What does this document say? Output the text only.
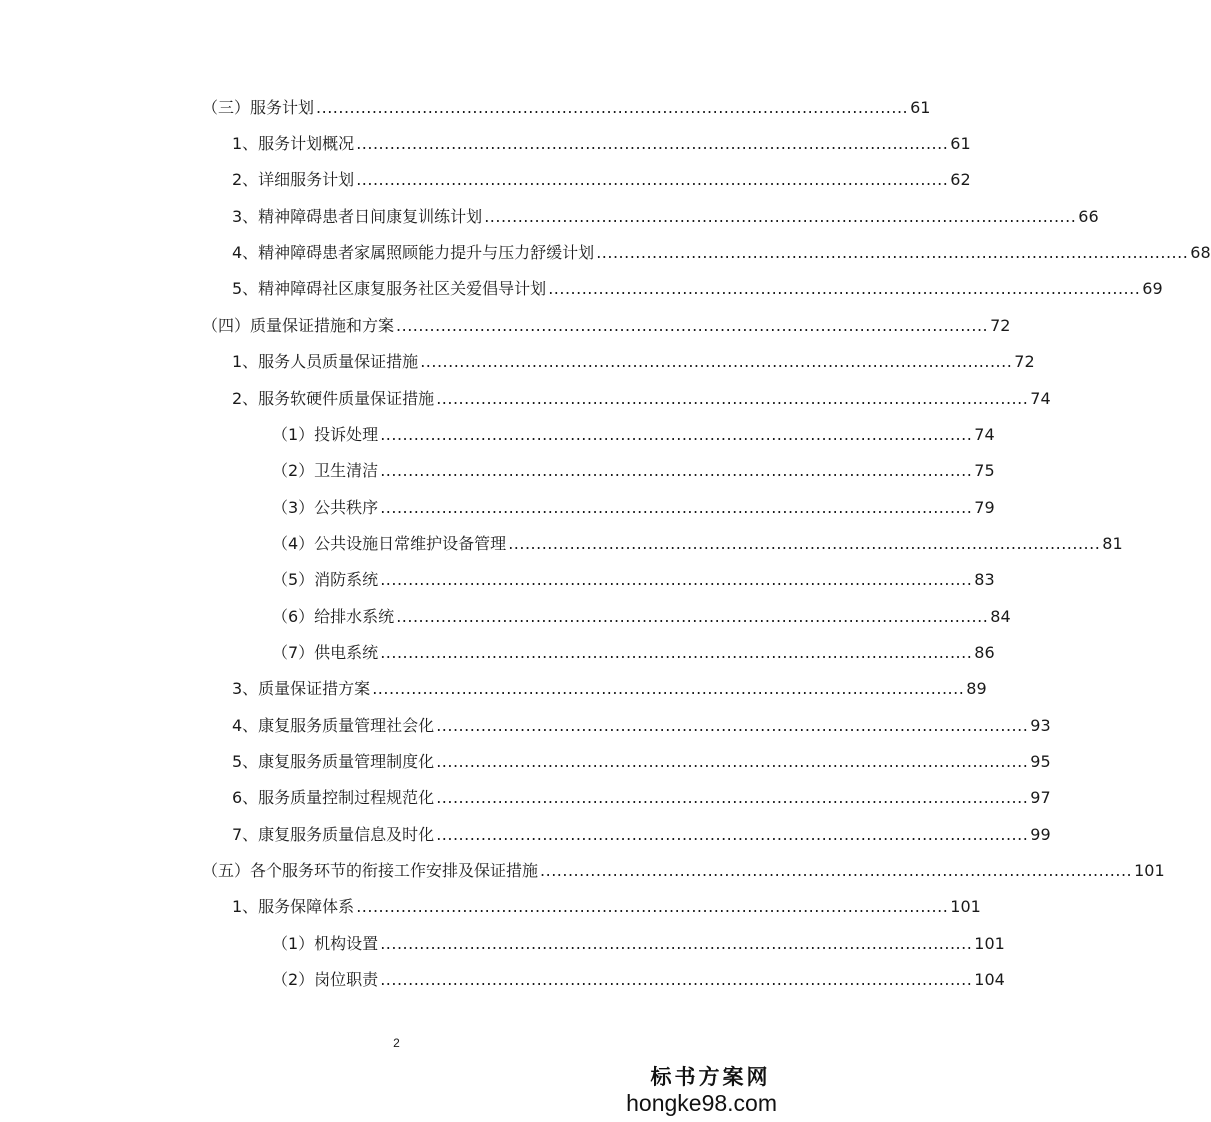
（三）服务计划 .......................................................................................................... 61
1、服务计划概况 .......................................................................................................... 61
2、详细服务计划 .......................................................................................................... 62
3、精神障碍患者日间康复训练计划 .......................................................................................................... 66
4、精神障碍患者家属照顾能力提升与压力舒缓计划 .......................................................................................................... 68
5、精神障碍社区康复服务社区关爱倡导计划 .......................................................................................................... 69
（四）质量保证措施和方案 .......................................................................................................... 72
1、服务人员质量保证措施 .......................................................................................................... 72
2、服务软硬件质量保证措施 .......................................................................................................... 74
（1）投诉处理 .......................................................................................................... 74
（2）卫生清洁 .......................................................................................................... 75
（3）公共秩序 .......................................................................................................... 79
（4）公共设施日常维护设备管理 .......................................................................................................... 81
（5）消防系统 .......................................................................................................... 83
（6）给排水系统 .......................................................................................................... 84
（7）供电系统 .......................................................................................................... 86
3、质量保证措方案 .......................................................................................................... 89
4、康复服务质量管理社会化 .......................................................................................................... 93
5、康复服务质量管理制度化 .......................................................................................................... 95
6、服务质量控制过程规范化 .......................................................................................................... 97
7、康复服务质量信息及时化 .......................................................................................................... 99
（五）各个服务环节的衔接工作安排及保证措施 .......................................................................................................... 101
1、服务保障体系 .......................................................................................................... 101
（1）机构设置 .......................................................................................................... 101
（2）岗位职责 .......................................................................................................... 104
2
标书方案网
hongke98.com
